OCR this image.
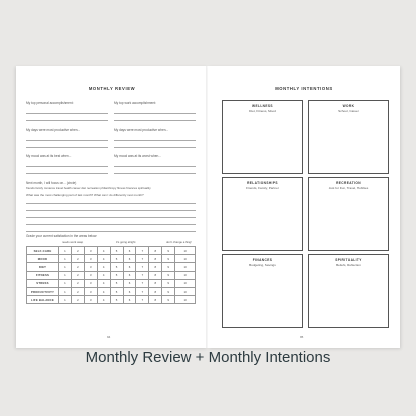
MONTHLY REVIEW
My top personal accomplishment:	My top work accomplishment:
My days were most productive when...	My days were most productive when...
My mood was at its best when...	My mood was at its worst when...
Next month, I will focus on... (circle)
friends family romance travel health career diet recreation philanthropy fitness finances spirituality
What was the most challenging part of last month? What can I do differently next month?
Grade your current satisfaction in the areas below:
needs work asap	it's going alright	don't change a thing!
SELF-CARE	1	2	3	4	5	6	7	8	9	10
MOOD	1	2	3	4	5	6	7	8	9	10
DIET	1	2	3	4	5	6	7	8	9	10
FITNESS	1	2	3	4	5	6	7	8	9	10
STRESS	1	2	3	4	5	6	7	8	9	10
PRODUCTIVITY	1	2	3	4	5	6	7	8	9	10
LIFE BALANCE	1	2	3	4	5	6	7	8	9	10
94
MONTHLY INTENTIONS
WELLNESS
Diet, Fitness, Mood
WORK
School, Career
RELATIONSHIPS
Friends, Family, Partner
RECREATION
Just for Fun, Travel, Hobbies
FINANCES
Budgeting, Savings
SPIRITUALITY
Beliefs, Reflection
95
Monthly Review + Monthly Intentions
